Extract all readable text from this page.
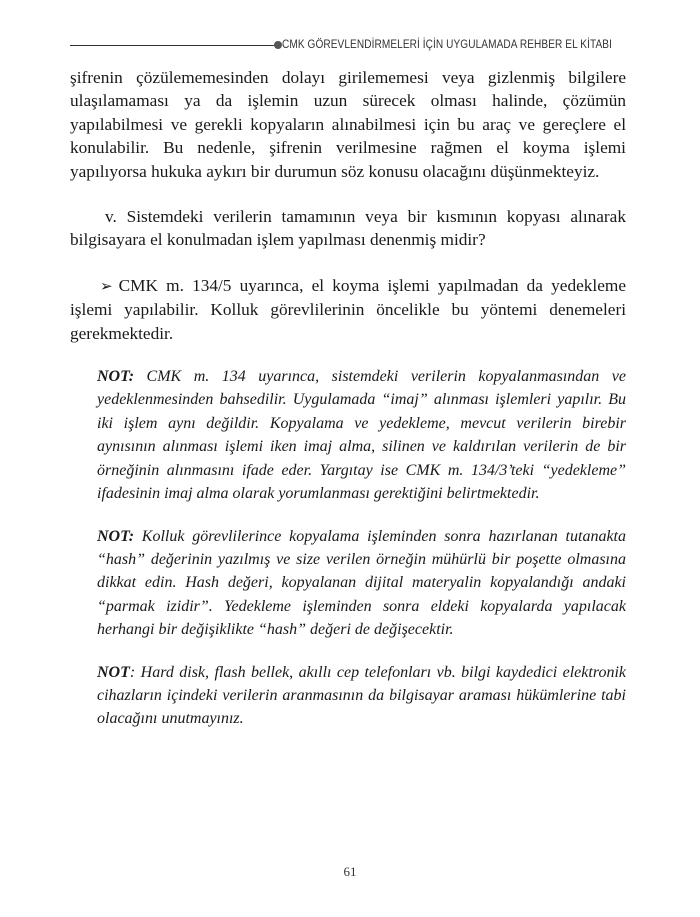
CMK GÖREVLENDİRMELERİ İÇİN UYGULAMADA REHBER EL KİTABI

şifrenin çözülememesinden dolayı girilememesi veya gizlenmiş bilgilere ulaşılamaması ya da işlemin uzun sürecek olması halinde, çözümün yapılabilmesi ve gerekli kopyaların alınabilmesi için bu araç ve gereçlere el konulabilir. Bu nedenle, şifrenin verilmesine rağmen el koyma işlemi yapılıyorsa hukuka aykırı bir durumun söz konusu olacağını düşünmekteyiz.

v. Sistemdeki verilerin tamamının veya bir kısmının kopyası alınarak bilgisayara el konulmadan işlem yapılması denenmiş midir?

➢ CMK m. 134/5 uyarınca, el koyma işlemi yapılmadan da yedekleme işlemi yapılabilir. Kolluk görevlilerinin öncelikle bu yöntemi denemeleri gerekmektedir.

NOT: CMK m. 134 uyarınca, sistemdeki verilerin kopyalanmasından ve yedeklenmesinden bahsedilir. Uygulamada “imaj” alınması işlemleri yapılır. Bu iki işlem aynı değildir. Kopyalama ve yedekleme, mevcut verilerin birebir aynısının alınması işlemi iken imaj alma, silinen ve kaldırılan verilerin de bir örneğinin alınmasını ifade eder. Yargıtay ise CMK m. 134/3’teki “yedekleme” ifadesinin imaj alma olarak yorumlanması gerektiğini belirtmektedir.

NOT: Kolluk görevlilerince kopyalama işleminden sonra hazırlanan tutanakta “hash” değerinin yazılmış ve size verilen örneğin mühürlü bir poşette olmasına dikkat edin. Hash değeri, kopyalanan dijital materyalin kopyalandığı andaki “parmak izidir”. Yedekleme işleminden sonra eldeki kopyalarda yapılacak herhangi bir değişiklikte “hash” değeri de değişecektir.

NOT: Hard disk, flash bellek, akıllı cep telefonları vb. bilgi kaydedici elektronik cihazların içindeki verilerin aranmasının da bilgisayar araması hükümlerine tabi olacağını unutmayınız.

61
